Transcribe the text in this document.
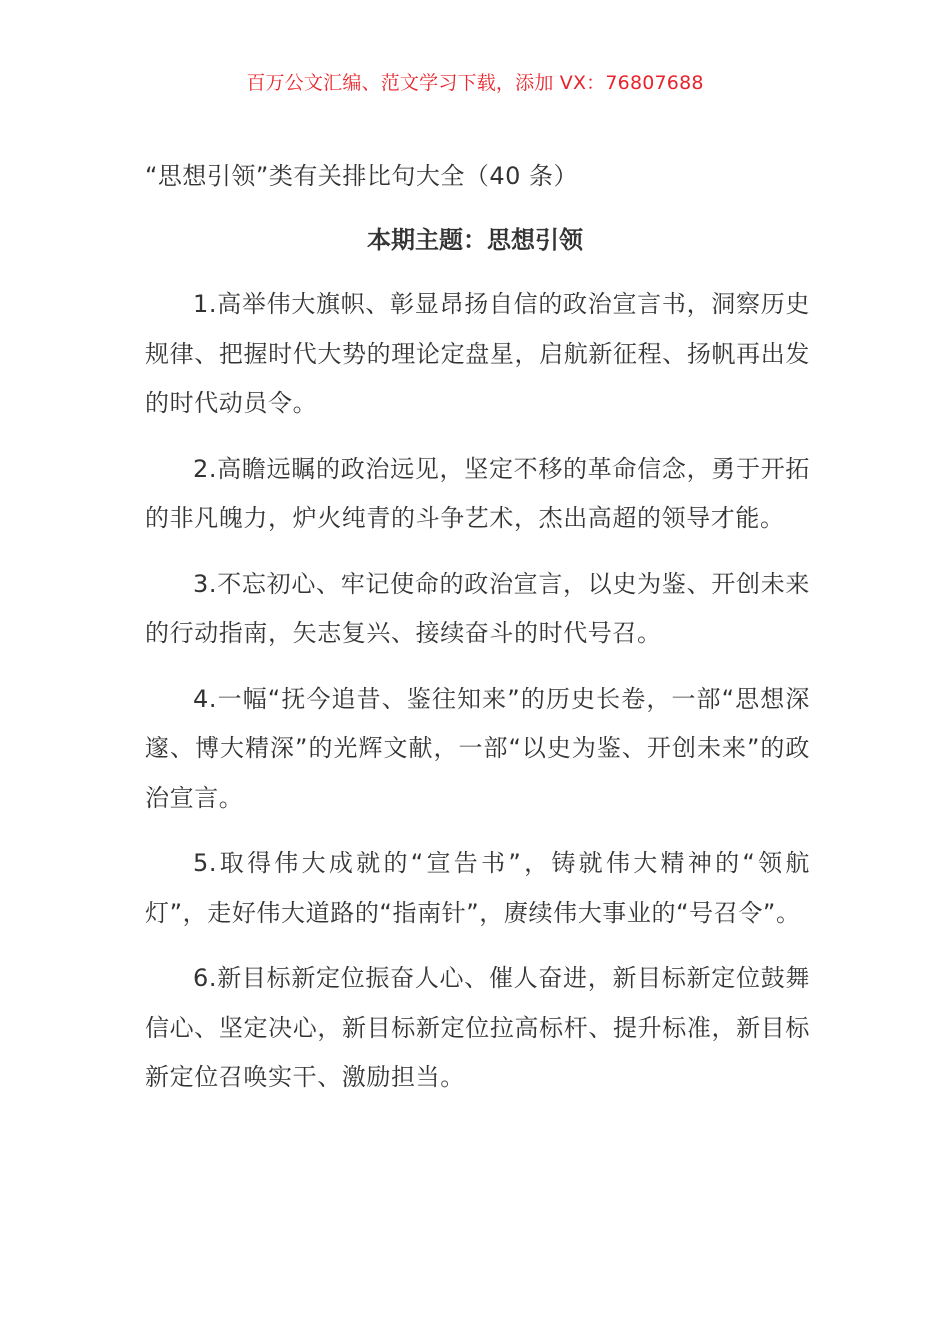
百万公文汇编、范文学习下载，添加 VX：76807688
“思想引领”类有关排比句大全（40 条）
本期主题：思想引领

1.高举伟大旗帜、彰显昂扬自信的政治宣言书，洞察历史规律、把握时代大势的理论定盘星，启航新征程、扬帆再出发的时代动员令。

2.高瞻远瞩的政治远见，坚定不移的革命信念，勇于开拓的非凡魄力，炉火纯青的斗争艺术，杰出高超的领导才能。

3.不忘初心、牢记使命的政治宣言，以史为鉴、开创未来的行动指南，矢志复兴、接续奋斗的时代号召。

4.一幅“抚今追昔、鉴往知来”的历史长卷，一部“思想深邃、博大精深”的光辉文献，一部“以史为鉴、开创未来”的政治宣言。

5.取得伟大成就的“宣告书”，铸就伟大精神的“领航灯”，走好伟大道路的“指南针”，赓续伟大事业的“号召令”。

6.新目标新定位振奋人心、催人奋进，新目标新定位鼓舞信心、坚定决心，新目标新定位拉高标杆、提升标准，新目标新定位召唤实干、激励担当。
